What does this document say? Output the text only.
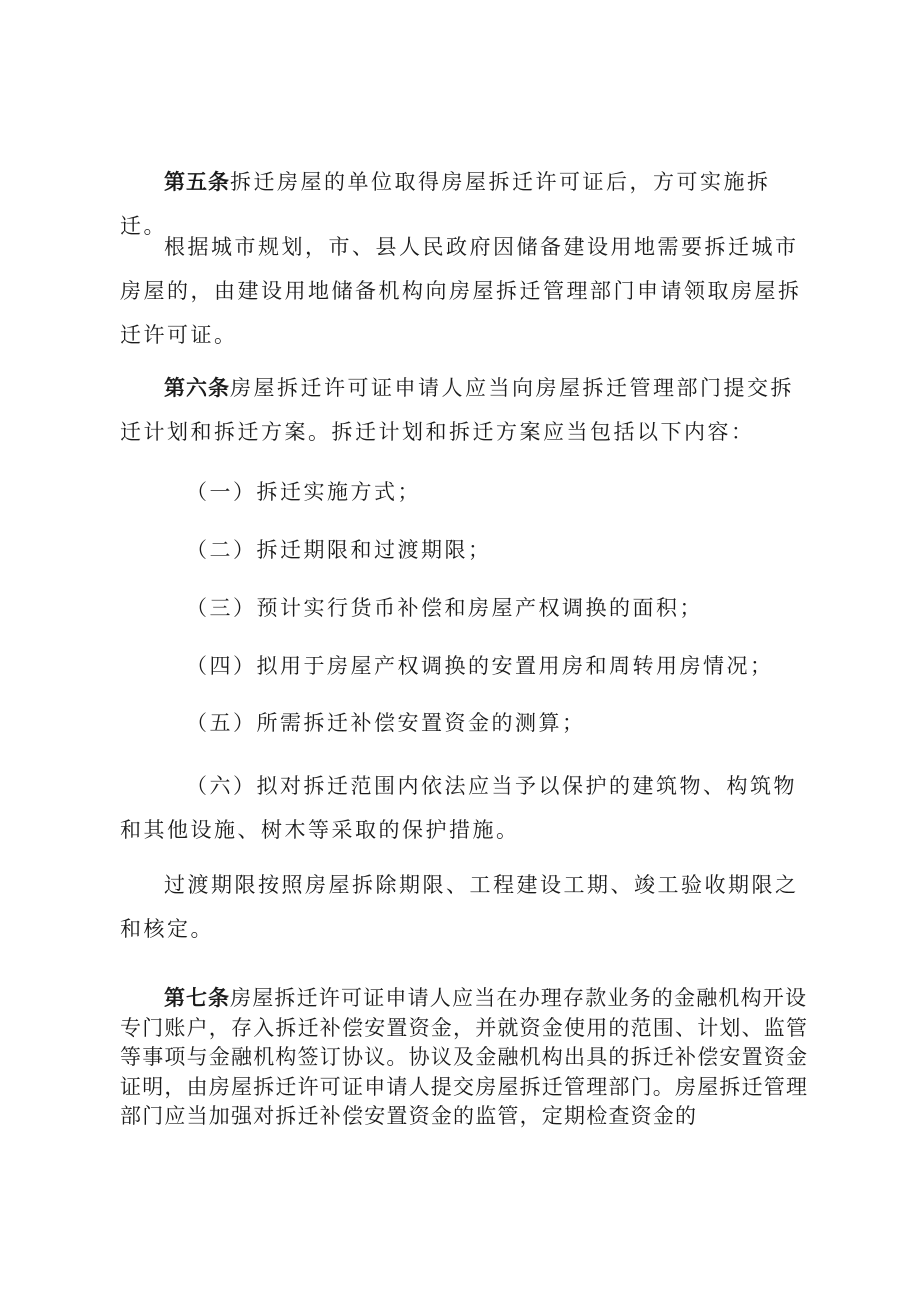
第五条拆迁房屋的单位取得房屋拆迁许可证后，方可实施拆迁。

根据城市规划，市、县人民政府因储备建设用地需要拆迁城市房屋的，由建设用地储备机构向房屋拆迁管理部门申请领取房屋拆迁许可证。

第六条房屋拆迁许可证申请人应当向房屋拆迁管理部门提交拆迁计划和拆迁方案。拆迁计划和拆迁方案应当包括以下内容：

（一）拆迁实施方式；

（二）拆迁期限和过渡期限；

（三）预计实行货币补偿和房屋产权调换的面积；

（四）拟用于房屋产权调换的安置用房和周转用房情况；

（五）所需拆迁补偿安置资金的测算；

（六）拟对拆迁范围内依法应当予以保护的建筑物、构筑物和其他设施、树木等采取的保护措施。

过渡期限按照房屋拆除期限、工程建设工期、竣工验收期限之和核定。

第七条房屋拆迁许可证申请人应当在办理存款业务的金融机构开设专门账户，存入拆迁补偿安置资金，并就资金使用的范围、计划、监管等事项与金融机构签订协议。协议及金融机构出具的拆迁补偿安置资金证明，由房屋拆迁许可证申请人提交房屋拆迁管理部门。房屋拆迁管理部门应当加强对拆迁补偿安置资金的监管，定期检查资金的
